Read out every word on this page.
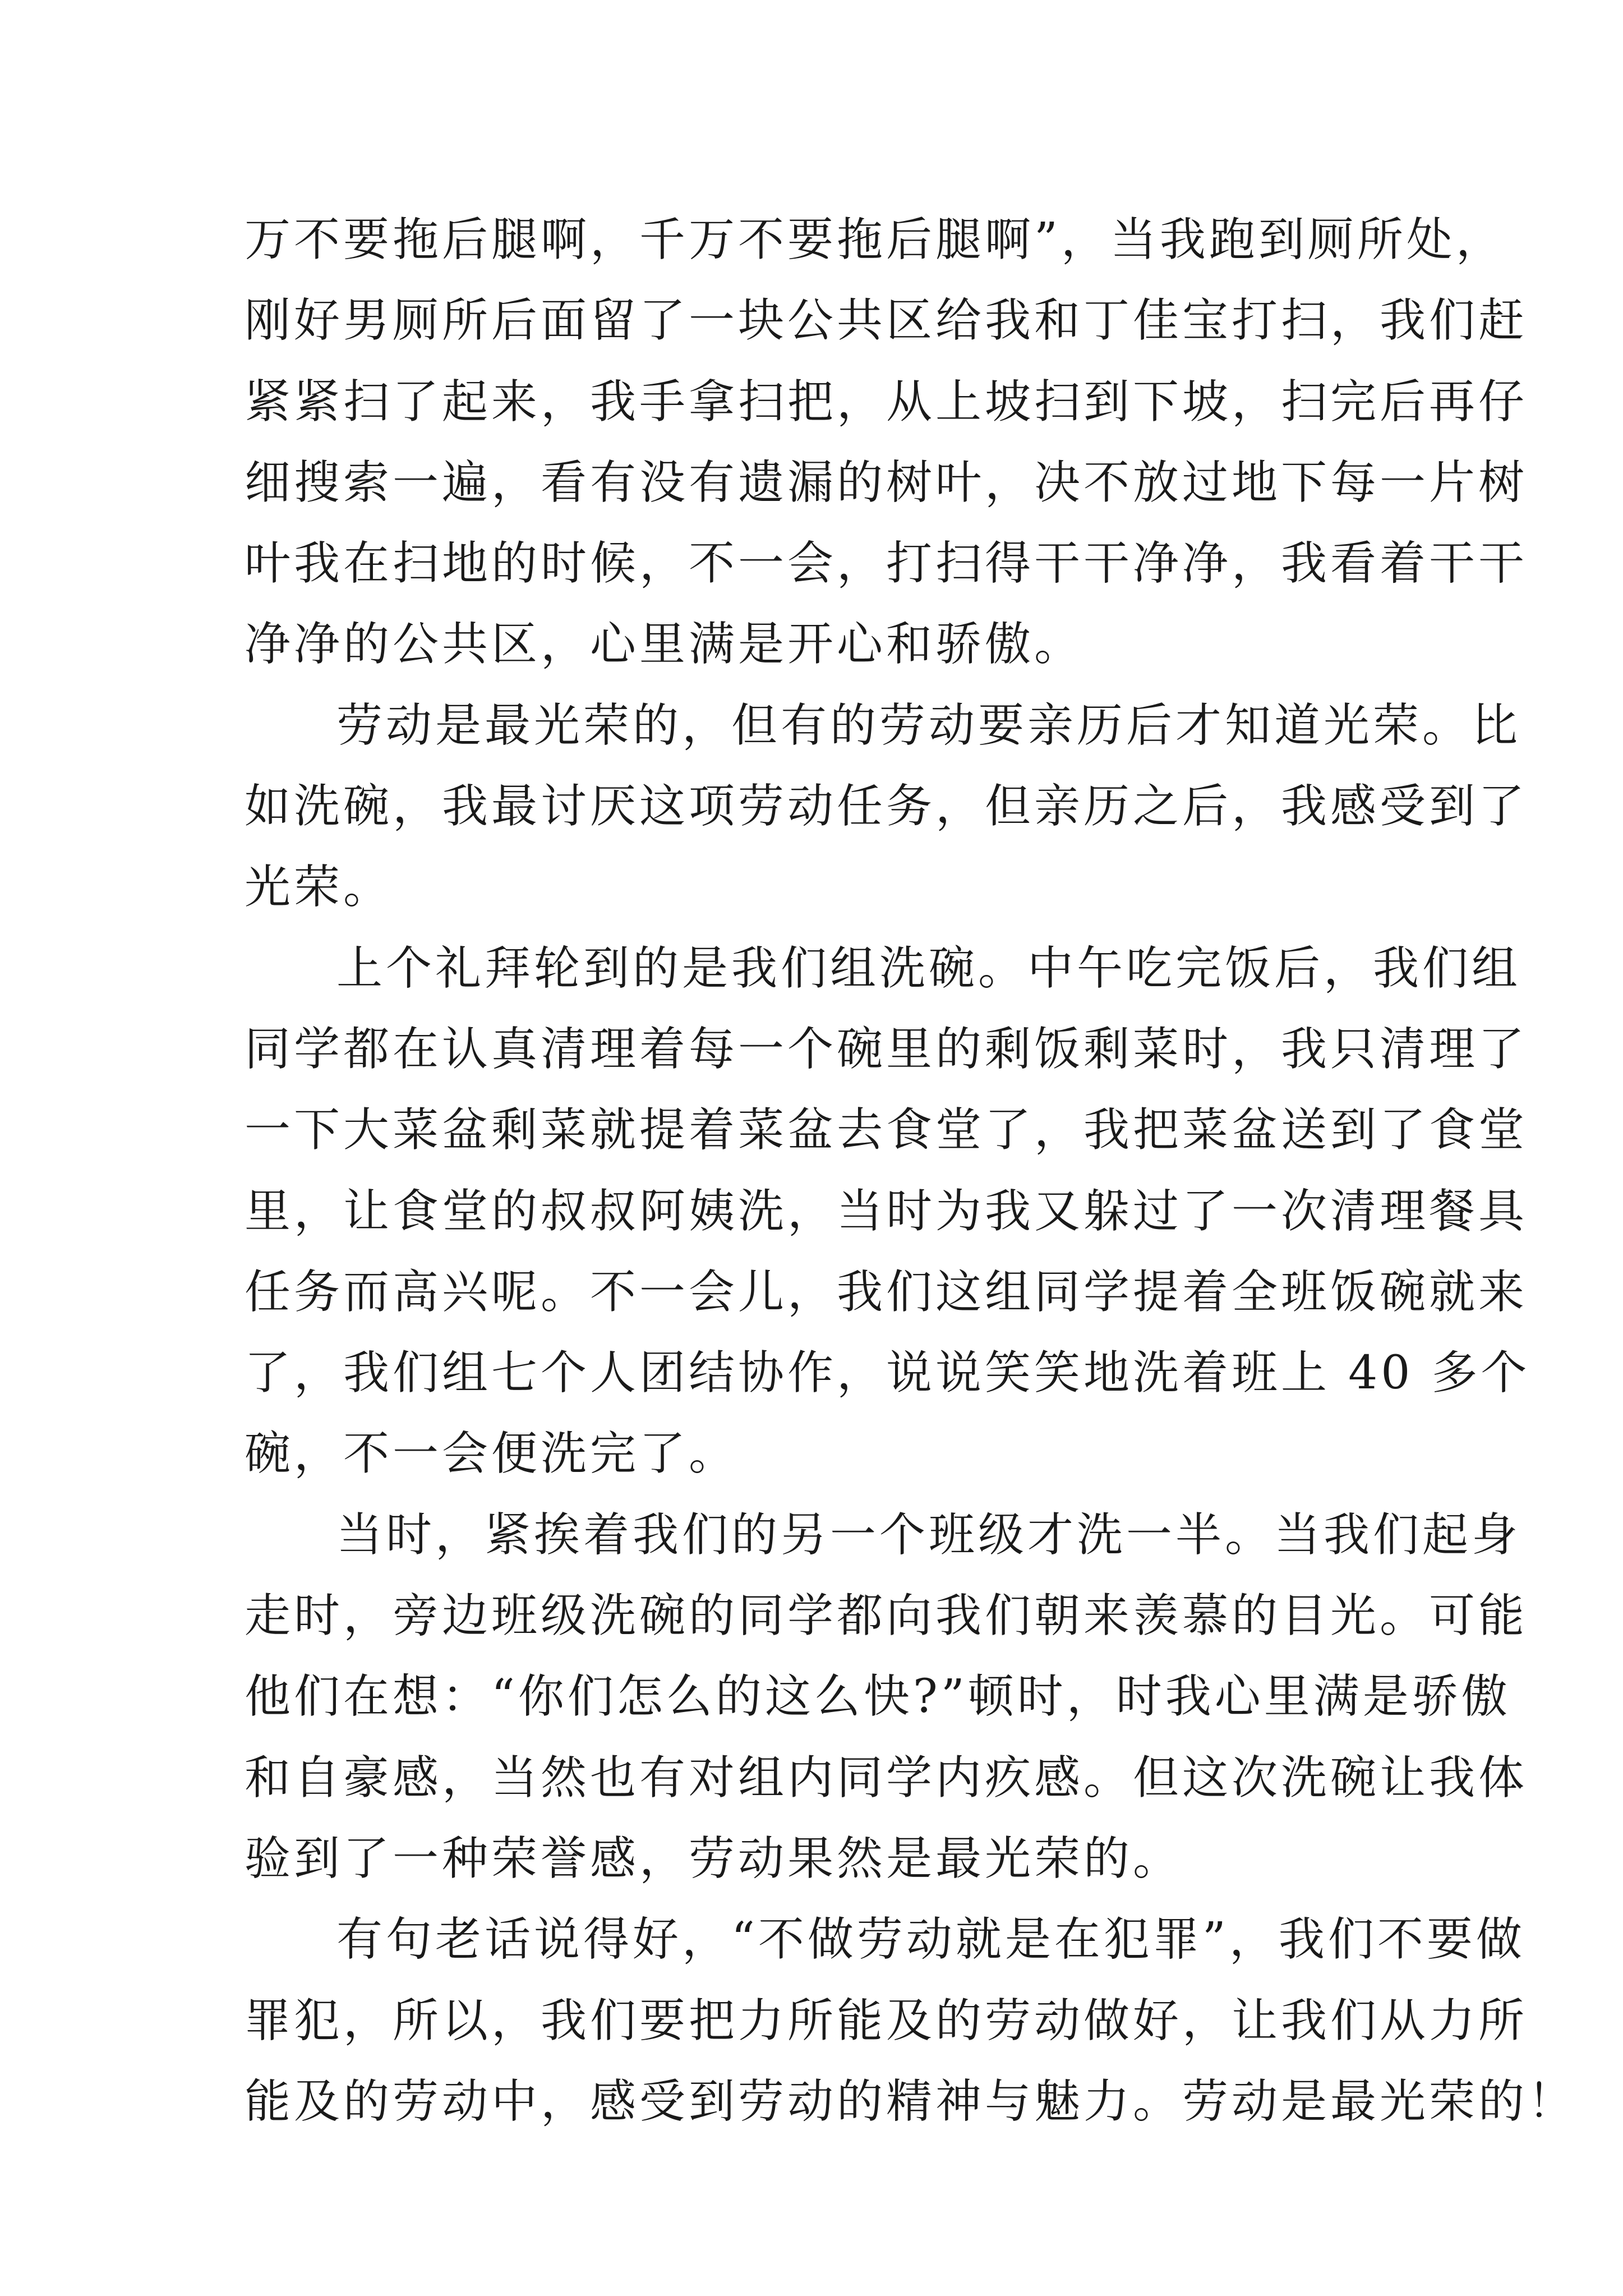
万不要拖后腿啊，千万不要拖后腿啊”，当我跑到厕所处，
刚好男厕所后面留了一块公共区给我和丁佳宝打扫，我们赶
紧紧扫了起来，我手拿扫把，从上坡扫到下坡，扫完后再仔
细搜索一遍，看有没有遗漏的树叶，决不放过地下每一片树
叶我在扫地的时候，不一会，打扫得干干净净，我看着干干
净净的公共区，心里满是开心和骄傲。
劳动是最光荣的，但有的劳动要亲历后才知道光荣。比
如洗碗，我最讨厌这项劳动任务，但亲历之后，我感受到了
光荣。
上个礼拜轮到的是我们组洗碗。中午吃完饭后，我们组
同学都在认真清理着每一个碗里的剩饭剩菜时，我只清理了
一下大菜盆剩菜就提着菜盆去食堂了，我把菜盆送到了食堂
里，让食堂的叔叔阿姨洗，当时为我又躲过了一次清理餐具
任务而高兴呢。不一会儿，我们这组同学提着全班饭碗就来
了，我们组七个人团结协作，说说笑笑地洗着班上 40 多个
碗，不一会便洗完了。
当时，紧挨着我们的另一个班级才洗一半。当我们起身
走时，旁边班级洗碗的同学都向我们朝来羡慕的目光。可能
他们在想：“你们怎么的这么快?”顿时，时我心里满是骄傲
和自豪感，当然也有对组内同学内疚感。但这次洗碗让我体
验到了一种荣誉感，劳动果然是最光荣的。
有句老话说得好，“不做劳动就是在犯罪”，我们不要做
罪犯，所以，我们要把力所能及的劳动做好，让我们从力所
能及的劳动中，感受到劳动的精神与魅力。劳动是最光荣的！
